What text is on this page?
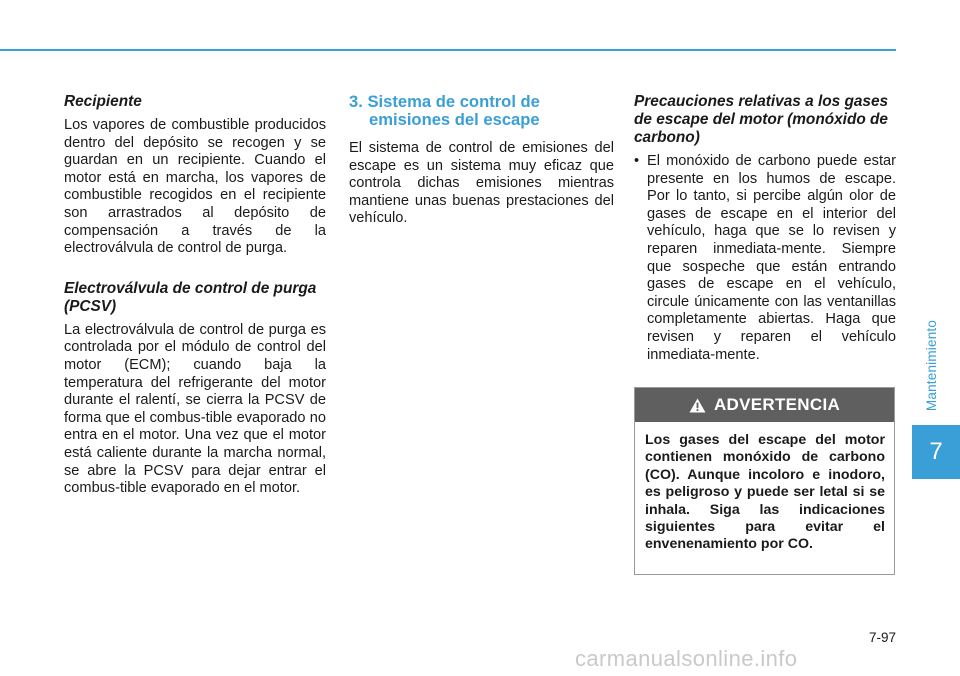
Recipiente

Los vapores de combustible producidos dentro del depósito se recogen y se guardan en un recipiente. Cuando el motor está en marcha, los vapores de combustible recogidos en el recipiente son arrastrados al depósito de compensación a través de la electroválvula de control de purga.

Electroválvula de control de purga (PCSV)

La electroválvula de control de purga es controlada por el módulo de control del motor (ECM); cuando baja la temperatura del refrigerante del motor durante el ralentí, se cierra la PCSV de forma que el combus-tible evaporado no entra en el motor. Una vez que el motor está caliente durante la marcha normal, se abre la PCSV para dejar entrar el combus-tible evaporado en el motor.

3. Sistema de control de
emisiones del escape

El sistema de control de emisiones del escape es un sistema muy eficaz que controla dichas emisiones mientras mantiene unas buenas prestaciones del vehículo.

Precauciones relativas a los gases de escape del motor (monóxido de carbono)
• El monóxido de carbono puede estar presente en los humos de escape. Por lo tanto, si percibe algún olor de gases de escape en el interior del vehículo, haga que se lo revisen y reparen inmediata-mente. Siempre que sospeche que están entrando gases de escape en el vehículo, circule únicamente con las ventanillas completamente abiertas. Haga que revisen y reparen el vehículo inmediata-mente.
ADVERTENCIA
Los gases del escape del motor contienen monóxido de carbono (CO). Aunque incoloro e inodoro, es peligroso y puede ser letal si se inhala. Siga las indicaciones siguientes para evitar el envenenamiento por CO.
Mantenimiento
7
7-97
carmanualsonline.info
